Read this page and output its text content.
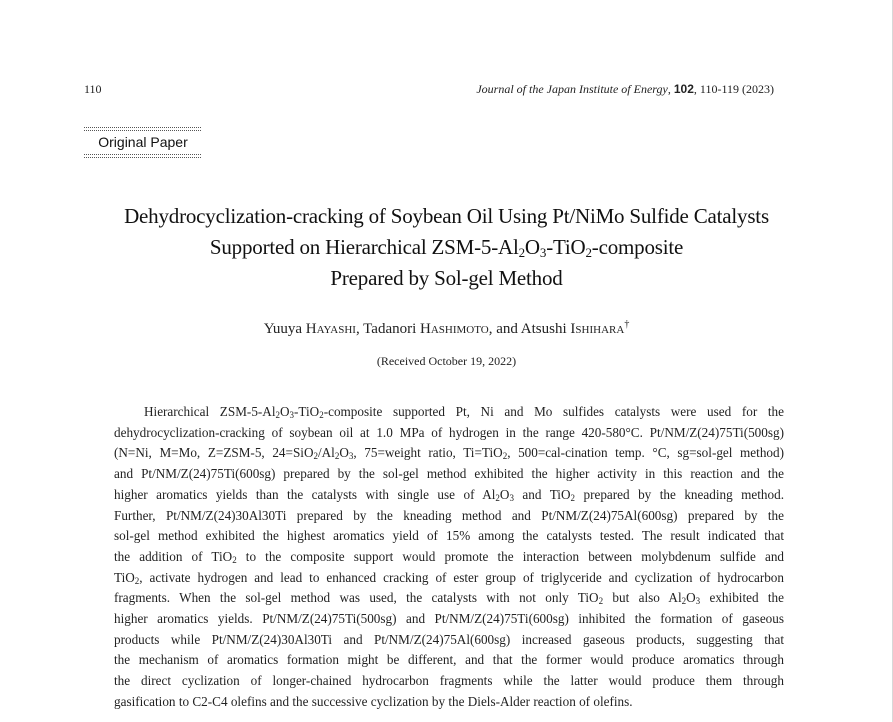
110	Journal of the Japan Institute of Energy, 102, 110-119 (2023)
Original Paper
Dehydrocyclization-cracking of Soybean Oil Using Pt/NiMo Sulfide Catalysts
Supported on Hierarchical ZSM-$5-Al_2O_3-TiO_2$-composite
Prepared by Sol-gel Method
Yuuya Hayashi, Tadanori Hashimoto, and Atsushi Ishihara†
(Received October 19, 2022)
Hierarchical ZSM-$5-Al_2O_3-TiO_2$-composite supported Pt, Ni and Mo sulfides catalysts were used for the
dehydrocyclization-cracking of soybean oil at 1.0 MPa of hydrogen in the range 420-580°C. Pt/NM/Z(24)75Ti(500sg)
(N=Ni, M=Mo, Z=ZSM-5, $24=SiO_2/Al_2O_3$, 75=weight ratio, Ti=TiO$_2$, 500=cal-cination temp. °C, sg=sol-gel method)
and Pt/NM/Z(24)75Ti(600sg) prepared by the sol-gel method exhibited the higher activity in this reaction and the
higher aromatics yields than the catalysts with single use of $Al_2O_3$ and TiO$_2$ prepared by the kneading method.
Further, Pt/NM/Z(24)30Al30Ti prepared by the kneading method and Pt/NM/Z(24)75Al(600sg) prepared by the
sol-gel method exhibited the highest aromatics yield of 15% among the catalysts tested. The result indicated that
the addition of TiO$_2$ to the composite support would promote the interaction between molybdenum sulfide and
TiO$_2$, activate hydrogen and lead to enhanced cracking of ester group of triglyceride and cyclization of hydrocarbon
fragments. When the sol-gel method was used, the catalysts with not only TiO$_2$ but also $Al_2O_3$ exhibited the
higher aromatics yields. Pt/NM/Z(24)75Ti(500sg) and Pt/NM/Z(24)75Ti(600sg) inhibited the formation of gaseous
products while Pt/NM/Z(24)30Al30Ti and Pt/NM/Z(24)75Al(600sg) increased gaseous products, suggesting that
the mechanism of aromatics formation might be different, and that the former would produce aromatics through
the direct cyclization of longer-chained hydrocarbon fragments while the latter would produce them through
gasification to C2-C4 olefins and the successive cyclization by the Diels-Alder reaction of olefins.
